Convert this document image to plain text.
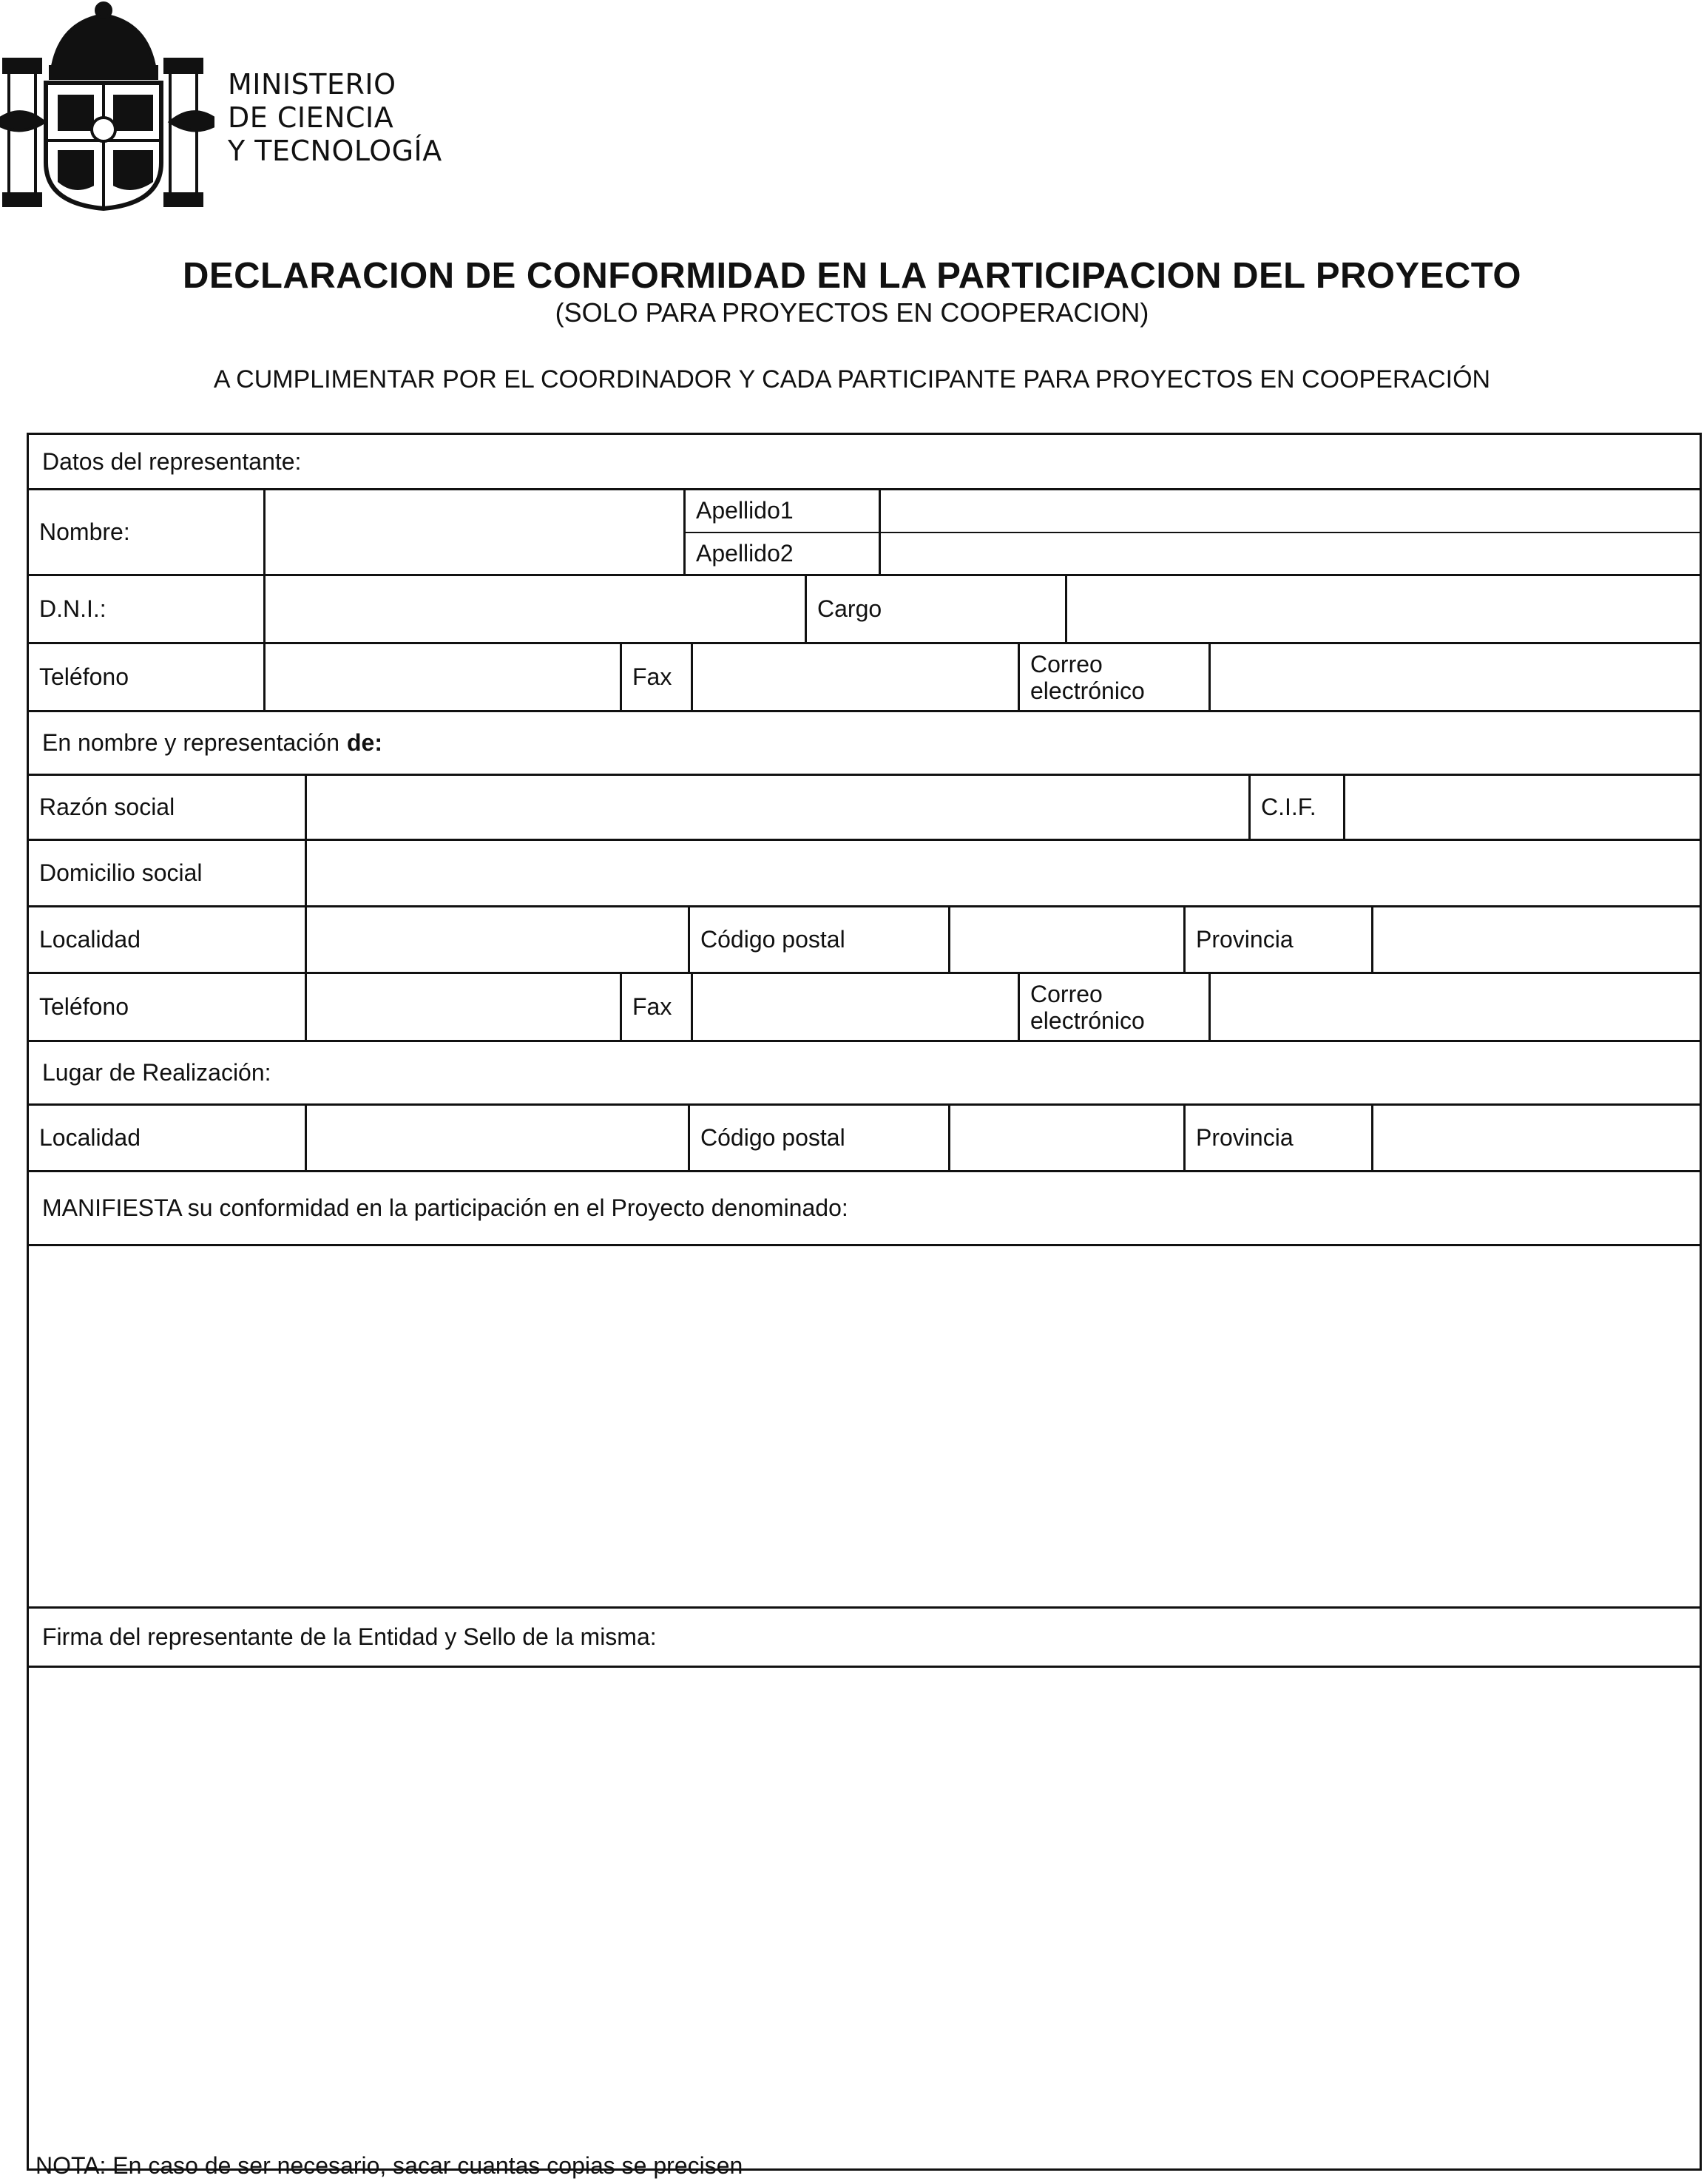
MINISTERIO
DE CIENCIA
Y TECNOLOGÍA
DECLARACION DE CONFORMIDAD EN LA PARTICIPACION DEL PROYECTO
(SOLO PARA PROYECTOS EN COOPERACION)
A CUMPLIMENTAR POR EL COORDINADOR Y CADA PARTICIPANTE PARA PROYECTOS EN COOPERACIÓN
Datos del representante:
Nombre:
Apellido1
Apellido2
D.N.I.:	Cargo
Teléfono	Fax	Correo electrónico
En nombre y representación de:
Razón social	C.I.F.
Domicilio social
Localidad	Código postal	Provincia
Teléfono	Fax	Correo electrónico
Lugar de Realización:
Localidad	Código postal	Provincia
MANIFIESTA su conformidad en la participación en el Proyecto denominado:
Firma del representante de la Entidad y Sello de la misma:
NOTA: En caso de ser necesario, sacar cuantas copias se precisen
